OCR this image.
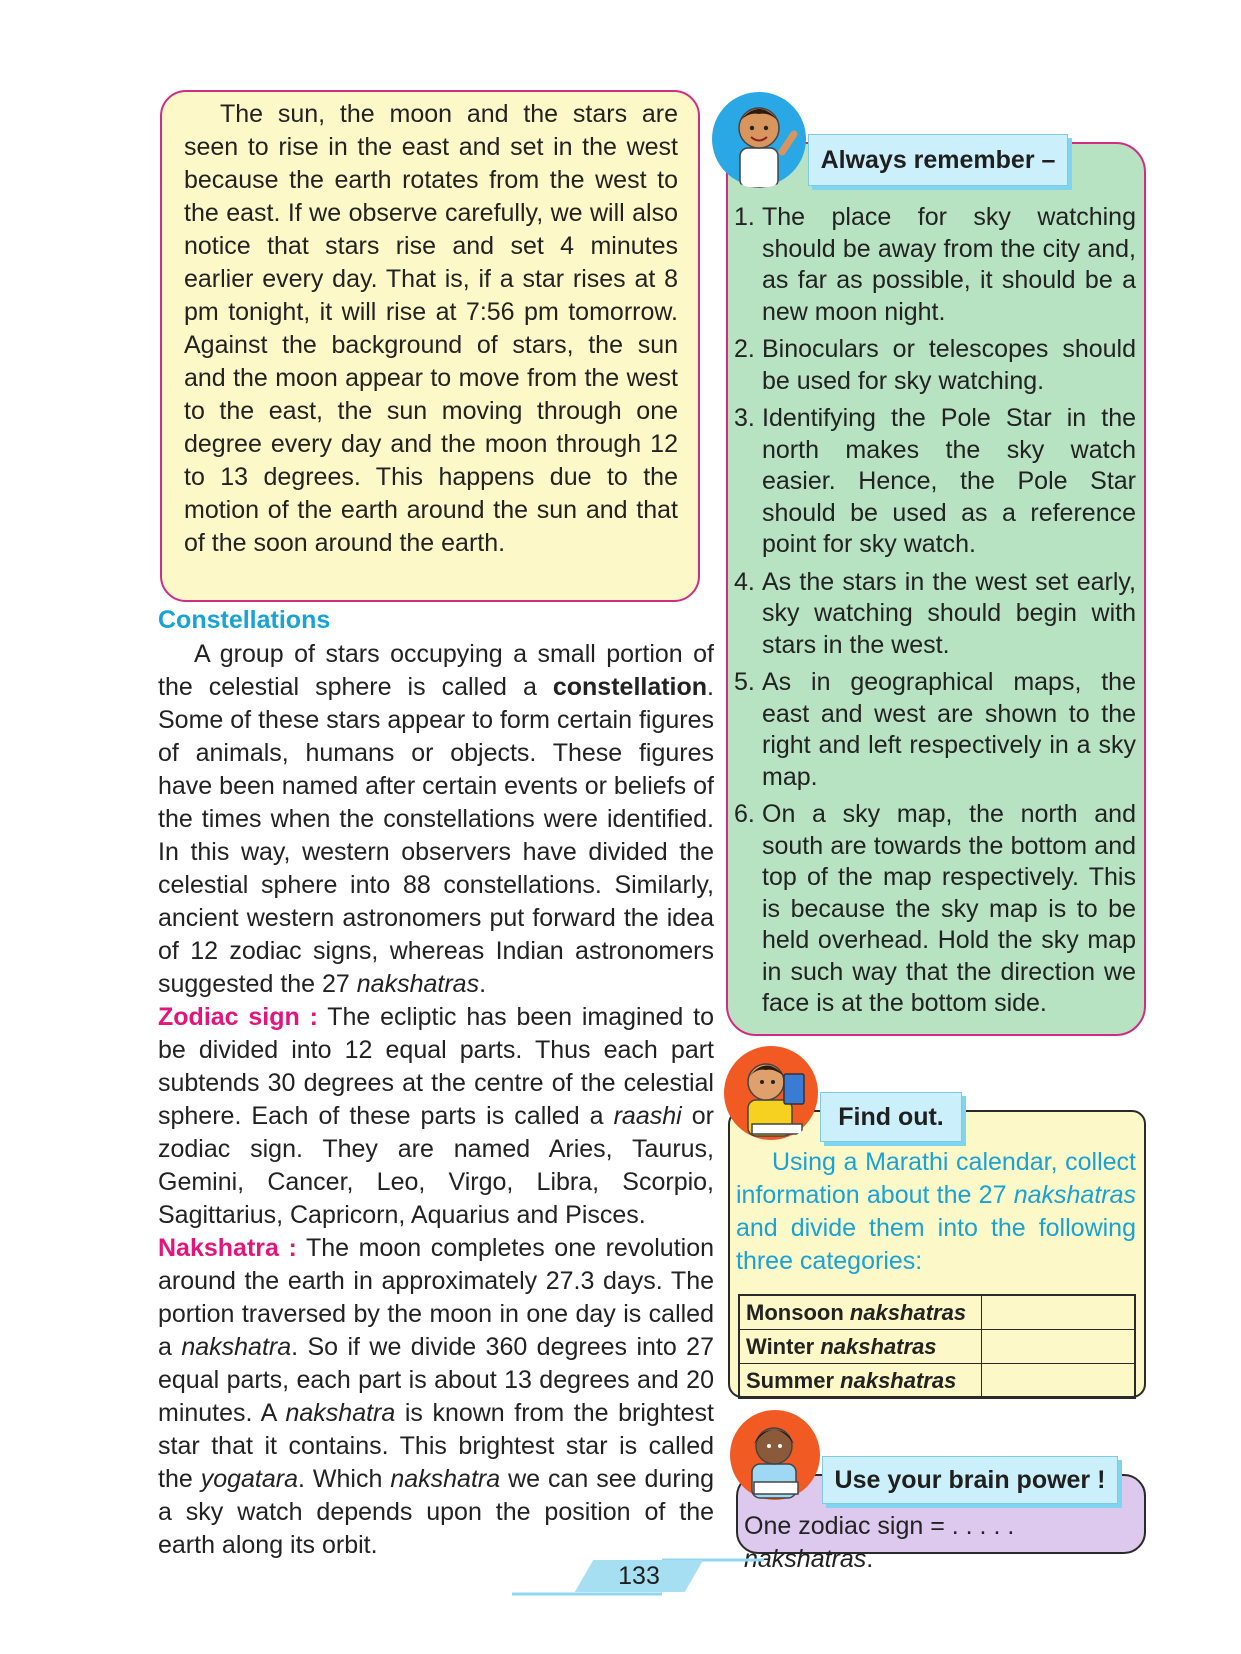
The sun, the moon and the stars are seen to rise in the east and set in the west because the earth rotates from the west to the east. If we observe carefully, we will also notice that stars rise and set 4 minutes earlier every day. That is, if a star rises at 8 pm tonight, it will rise at 7:56 pm tomorrow. Against the background of stars, the sun and the moon appear to move from the west to the east, the sun moving through one degree every day and the moon through 12 to 13 degrees. This happens due to the motion of the earth around the sun and that of the soon around the earth.

Constellations

A group of stars occupying a small portion of the celestial sphere is called a constellation. Some of these stars appear to form certain figures of animals, humans or objects. These figures have been named after certain events or beliefs of the times when the constellations were identified. In this way, western observers have divided the celestial sphere into 88 constellations. Similarly, ancient western astronomers put forward the idea of 12 zodiac signs, whereas Indian astronomers suggested the 27 nakshatras.

Zodiac sign : The ecliptic has been imagined to be divided into 12 equal parts. Thus each part subtends 30 degrees at the centre of the celestial sphere. Each of these parts is called a raashi or zodiac sign. They are named Aries, Taurus, Gemini, Cancer, Leo, Virgo, Libra, Scorpio, Sagittarius, Capricorn, Aquarius and Pisces.

Nakshatra : The moon completes one revolution around the earth in approximately 27.3 days. The portion traversed by the moon in one day is called a nakshatra. So if we divide 360 degrees into 27 equal parts, each part is about 13 degrees and 20 minutes. A nakshatra is known from the brightest star that it contains. This brightest star is called the yogatara. Which nakshatra we can see during a sky watch depends upon the position of the earth along its orbit.

1. The place for sky watching should be away from the city and, as far as possible, it should be a new moon night.
2. Binoculars or telescopes should be used for sky watching.
3. Identifying the Pole Star in the north makes the sky watch easier. Hence, the Pole Star should be used as a reference point for sky watch.
4. As the stars in the west set early, sky watching should begin with stars in the west.
5. As in geographical maps, the east and west are shown to the right and left respectively in a sky map.
6. On a sky map, the north and south are towards the bottom and top of the map respectively. This is because the sky map is to be held overhead. Hold the sky map in such way that the direction we face is at the bottom side.
Always remember –

Using a Marathi calendar, collect information about the 27 nakshatras and divide them into the following three categories:

Monsoon nakshatras	
Winter nakshatras	
Summer nakshatras	
Find out.

One zodiac sign = . . . . . nakshatras.

Use your brain power !
133
